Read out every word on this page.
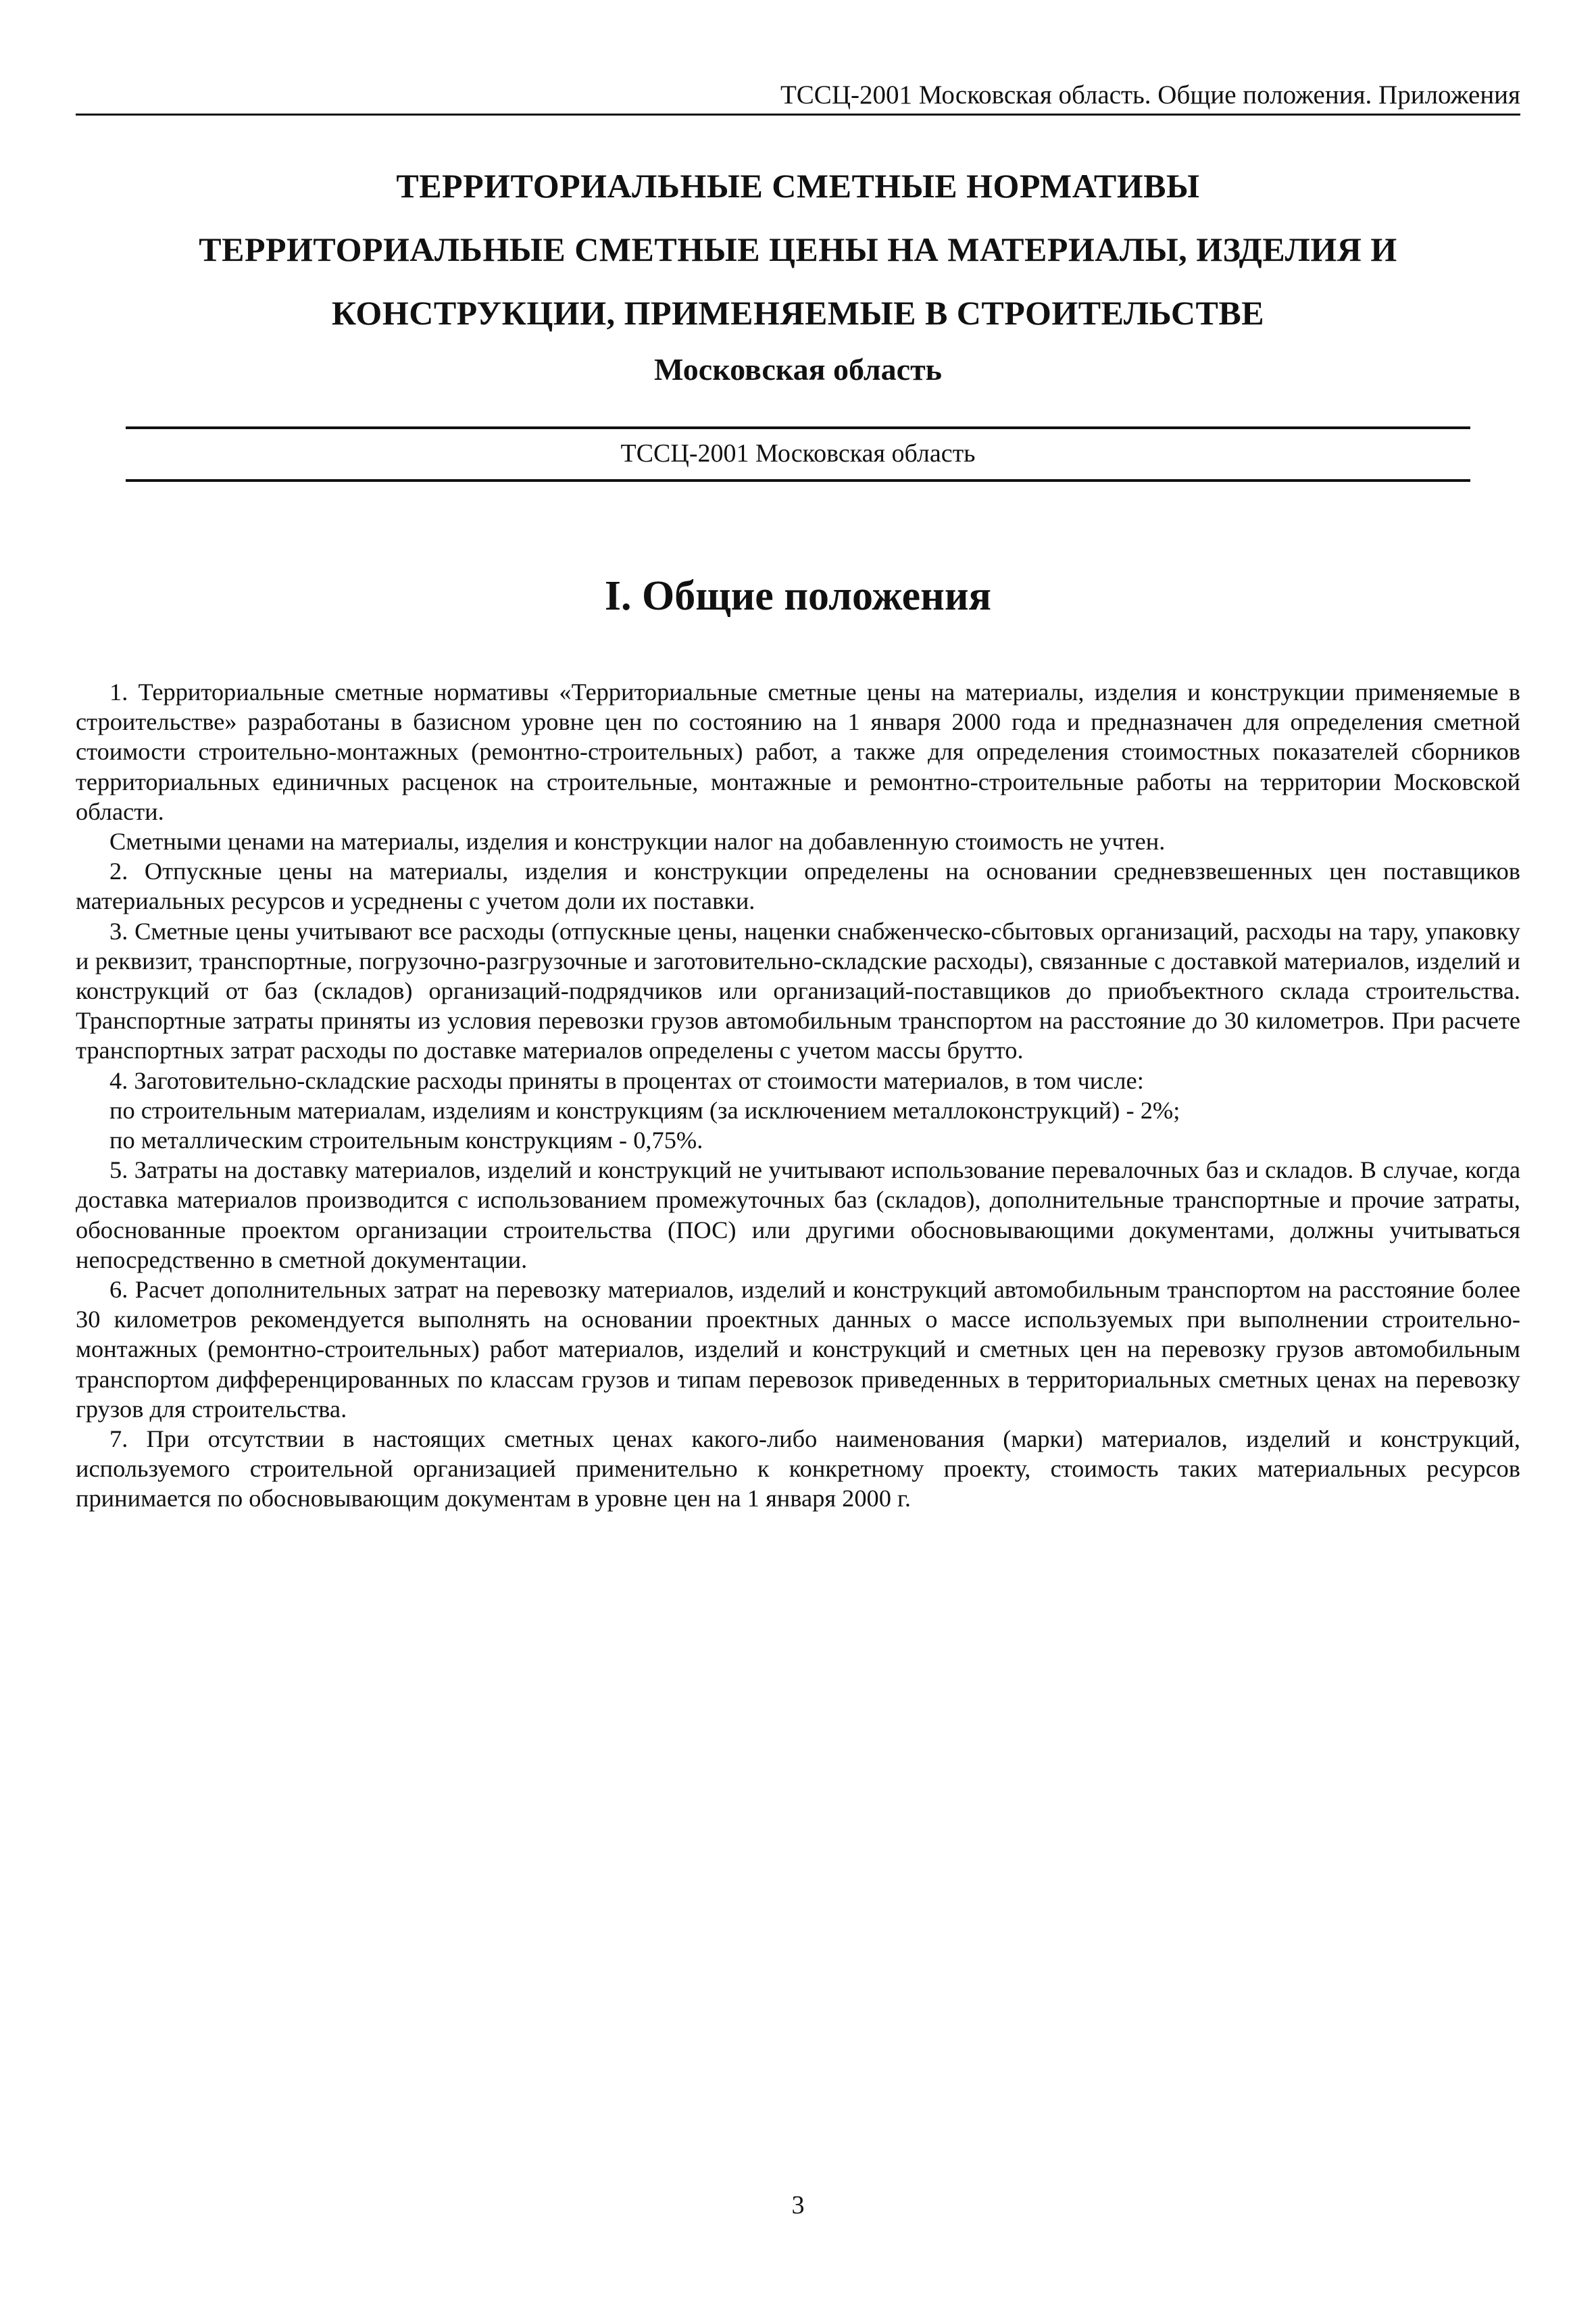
ТССЦ-2001 Московская область. Общие положения. Приложения
ТЕРРИТОРИАЛЬНЫЕ СМЕТНЫЕ НОРМАТИВЫ
ТЕРРИТОРИАЛЬНЫЕ СМЕТНЫЕ ЦЕНЫ НА МАТЕРИАЛЫ, ИЗДЕЛИЯ И
КОНСТРУКЦИИ, ПРИМЕНЯЕМЫЕ В СТРОИТЕЛЬСТВЕ
Московская область
ТССЦ-2001 Московская область
I. Общие положения

1. Территориальные сметные нормативы «Территориальные сметные цены на материалы, изделия и конструкции применяемые в строительстве» разработаны в базисном уровне цен по состоянию на 1 января 2000 года и предназначен для определения сметной стоимости строительно-монтажных (ремонтно-строительных) работ, а также для определения стоимостных показателей сборников территориальных единичных расценок на строительные, монтажные и ремонтно-строительные работы на территории Московской области.

Сметными ценами на материалы, изделия и конструкции налог на добавленную стоимость не учтен.

2. Отпускные цены на материалы, изделия и конструкции определены на основании средневзвешенных цен поставщиков материальных ресурсов и усреднены с учетом доли их поставки.

3. Сметные цены учитывают все расходы (отпускные цены, наценки снабженческо-сбытовых организаций, расходы на тару, упаковку и реквизит, транспортные, погрузочно-разгрузочные и заготовительно-складские расходы), связанные с доставкой материалов, изделий и конструкций от баз (складов) организаций-подрядчиков или организаций-поставщиков до приобъектного склада строительства. Транспортные затраты приняты из условия перевозки грузов автомобильным транспортом на расстояние до 30 километров. При расчете транспортных затрат расходы по доставке материалов определены с учетом массы брутто.

4. Заготовительно-складские расходы приняты в процентах от стоимости материалов, в том числе:

по строительным материалам, изделиям и конструкциям (за исключением металлоконструкций) - 2%;

по металлическим строительным конструкциям - 0,75%.

5. Затраты на доставку материалов, изделий и конструкций не учитывают использование перевалочных баз и складов. В случае, когда доставка материалов производится с использованием промежуточных баз (складов), дополнительные транспортные и прочие затраты, обоснованные проектом организации строительства (ПОС) или другими обосновывающими документами, должны учитываться непосредственно в сметной документации.

6. Расчет дополнительных затрат на перевозку материалов, изделий и конструкций автомобильным транспортом на расстояние более 30 километров рекомендуется выполнять на основании проектных данных о массе используемых при выполнении строительно-монтажных (ремонтно-строительных) работ материалов, изделий и конструкций и сметных цен на перевозку грузов автомобильным транспортом дифференцированных по классам грузов и типам перевозок приведенных в территориальных сметных ценах на перевозку грузов для строительства.

7. При отсутствии в настоящих сметных ценах какого-либо наименования (марки) материалов, изделий и конструкций, используемого строительной организацией применительно к конкретному проекту, стоимость таких материальных ресурсов принимается по обосновывающим документам в уровне цен на 1 января 2000 г.

3
